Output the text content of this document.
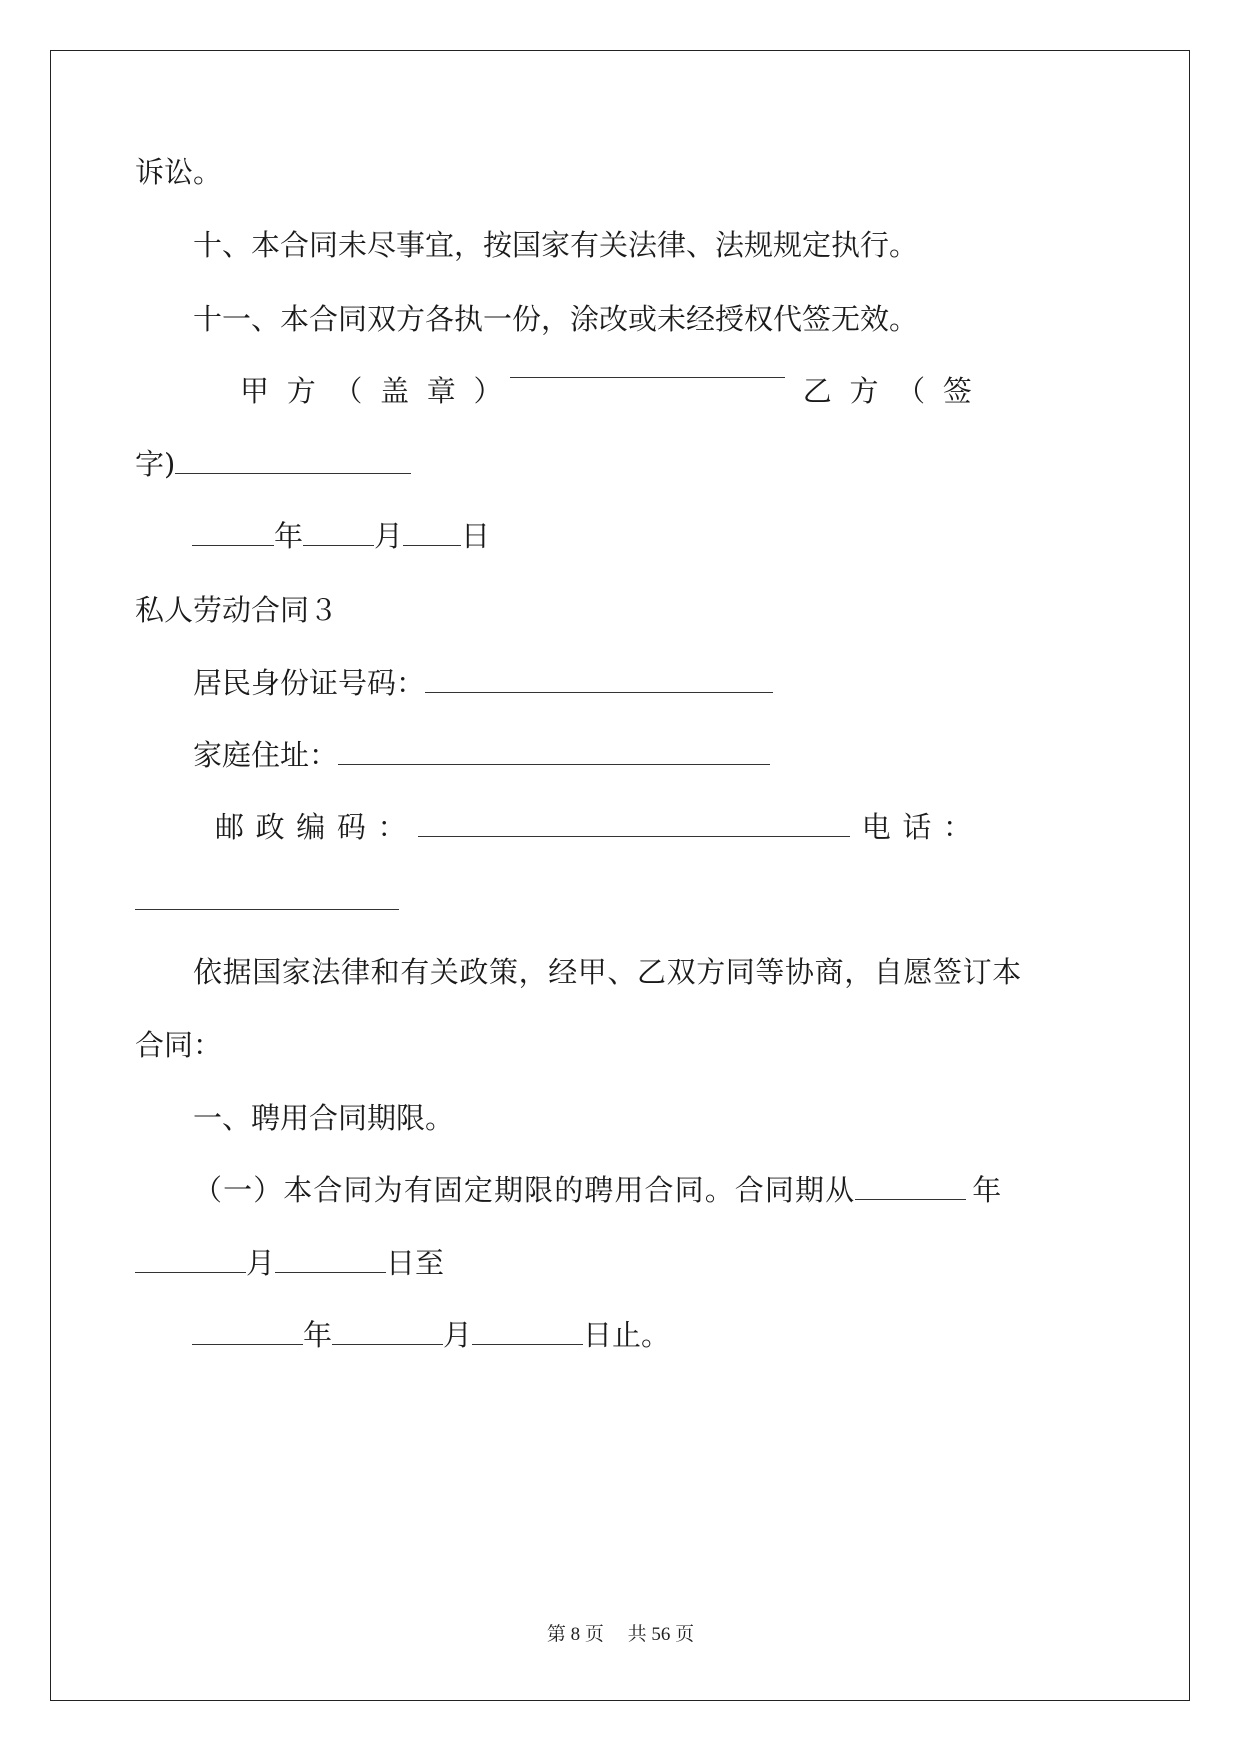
诉讼。
十、本合同未尽事宜，按国家有关法律、法规规定执行。
十一、本合同双方各执一份，涂改或未经授权代签无效。
甲 方 （ 盖 章 ）	乙 方 （ 签
字)
年 月 日
私人劳动合同３
居民身份证号码：
家庭住址：
邮 政 编 码 ：	电 话 ：
依据国家法律和有关政策，经甲、乙双方同等协商，自愿签订本
合同：
一、聘用合同期限。
（一）本合同为有固定期限的聘用合同。合同期从	年
月	日至
年	月	日止。
第 8 页　 共 56 页
